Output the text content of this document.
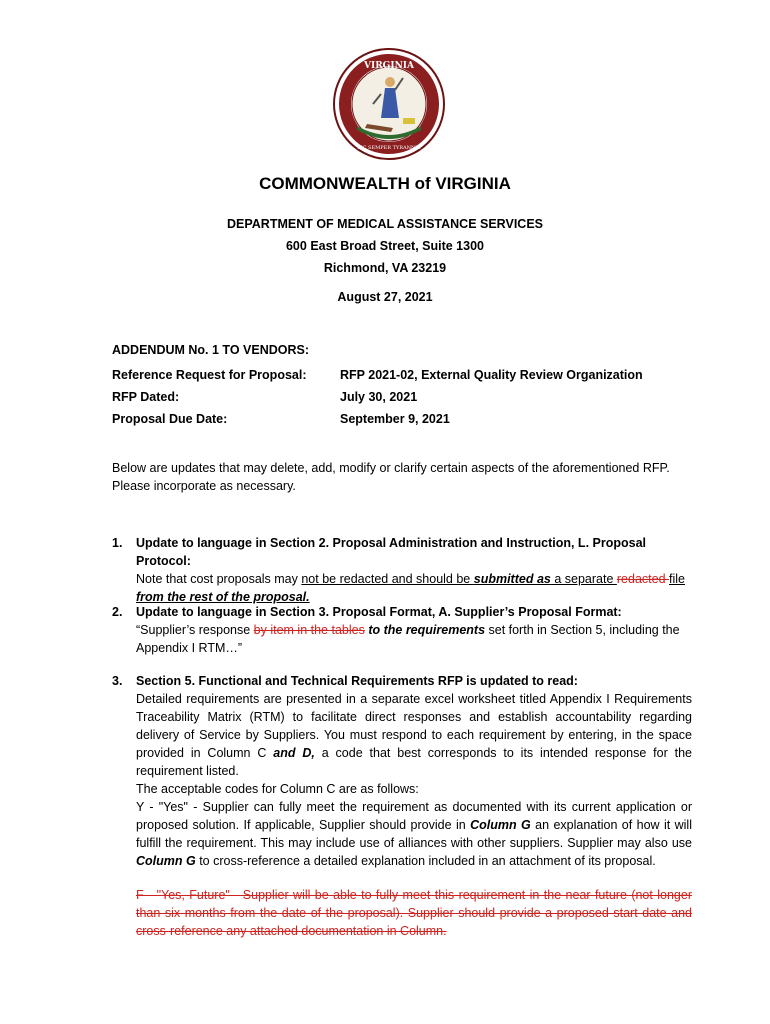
VIRGINIA
SIC SEMPER TYRANNIS
COMMONWEALTH of VIRGINIA
DEPARTMENT OF MEDICAL ASSISTANCE SERVICES
600 East Broad Street, Suite 1300
Richmond, VA 23219
August 27, 2021
ADDENDUM No. 1 TO VENDORS:
Reference Request for Proposal:	RFP 2021-02, External Quality Review Organization
RFP Dated:	July 30, 2021
Proposal Due Date:	September 9, 2021
Below are updates that may delete, add, modify or clarify certain aspects of the aforementioned RFP.
Please incorporate as necessary.
1.	Update to language in Section 2. Proposal Administration and Instruction, L. Proposal Protocol:
Note that cost proposals may not be redacted and should be submitted as a separate redacted file
from the rest of the proposal.
2.	Update to language in Section 3. Proposal Format, A. Supplier’s Proposal Format:
“Supplier’s response by item in the tables to the requirements set forth in Section 5, including the
Appendix I RTM…”
3.	Section 5. Functional and Technical Requirements RFP is updated to read:
Detailed requirements are presented in a separate excel worksheet titled Appendix I Requirements Traceability Matrix (RTM) to facilitate direct responses and establish accountability regarding delivery of Service by Suppliers. You must respond to each requirement by entering, in the space provided in Column C and D, a code that best corresponds to its intended response for the requirement listed.
The acceptable codes for Column C are as follows:
Y - "Yes" - Supplier can fully meet the requirement as documented with its current application or proposed solution. If applicable, Supplier should provide in Column G an explanation of how it will fulfill the requirement. This may include use of alliances with other suppliers. Supplier may also use Column G to cross-reference a detailed explanation included in an attachment of its proposal.
F - "Yes, Future" - Supplier will be able to fully meet this requirement in the near future (not longer than six months from the date of the proposal). Supplier should provide a proposed start date and cross-reference any attached documentation in Column.
